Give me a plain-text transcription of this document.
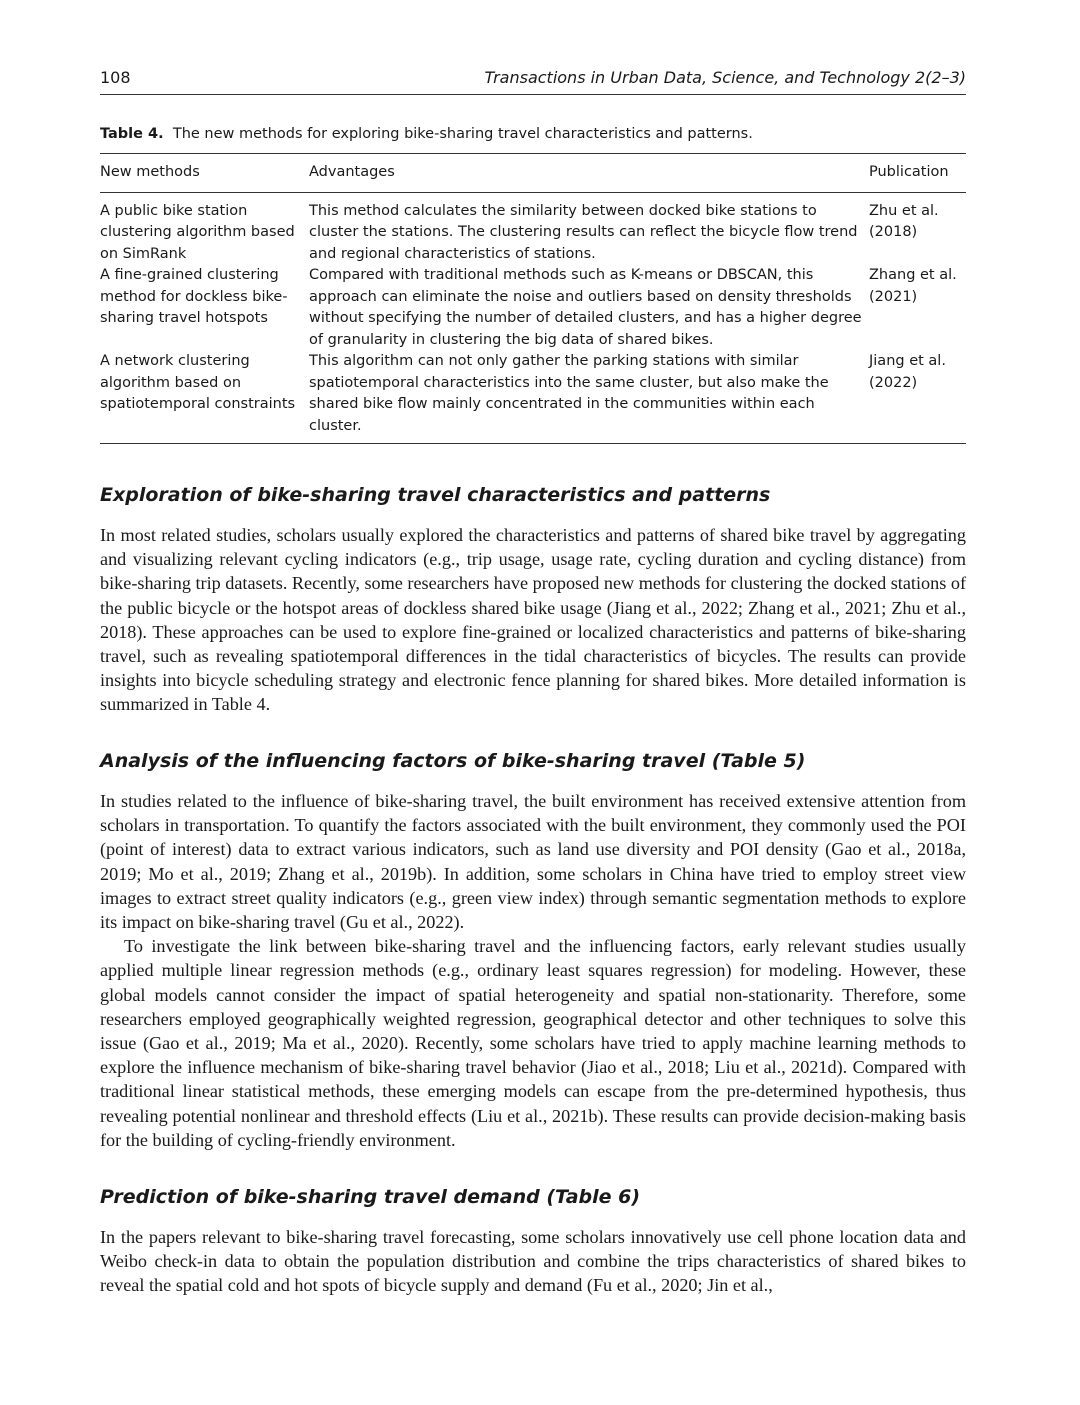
108	Transactions in Urban Data, Science, and Technology 2(2–3)
Table 4. The new methods for exploring bike-sharing travel characteristics and patterns.
New methods	Advantages	Publication
A public bike station clustering algorithm based on SimRank	This method calculates the similarity between docked bike stations to cluster the stations. The clustering results can reflect the bicycle flow trend and regional characteristics of stations.	Zhu et al. (2018)
A fine-grained clustering method for dockless bike-sharing travel hotspots	Compared with traditional methods such as K-means or DBSCAN, this approach can eliminate the noise and outliers based on density thresholds without specifying the number of detailed clusters, and has a higher degree of granularity in clustering the big data of shared bikes.	Zhang et al. (2021)
A network clustering algorithm based on spatiotemporal constraints	This algorithm can not only gather the parking stations with similar spatiotemporal characteristics into the same cluster, but also make the shared bike flow mainly concentrated in the communities within each cluster.	Jiang et al. (2022)
Exploration of bike-sharing travel characteristics and patterns

In most related studies, scholars usually explored the characteristics and patterns of shared bike travel by aggregating and visualizing relevant cycling indicators (e.g., trip usage, usage rate, cycling duration and cycling distance) from bike-sharing trip datasets. Recently, some researchers have proposed new methods for clustering the docked stations of the public bicycle or the hotspot areas of dockless shared bike usage (Jiang et al., 2022; Zhang et al., 2021; Zhu et al., 2018). These approaches can be used to explore fine-grained or localized characteristics and patterns of bike-sharing travel, such as revealing spatiotemporal differences in the tidal characteristics of bicycles. The results can provide insights into bicycle scheduling strategy and electronic fence planning for shared bikes. More detailed information is summarized in Table 4.

Analysis of the influencing factors of bike-sharing travel (Table 5)

In studies related to the influence of bike-sharing travel, the built environment has received extensive attention from scholars in transportation. To quantify the factors associated with the built environment, they commonly used the POI (point of interest) data to extract various indicators, such as land use diversity and POI density (Gao et al., 2018a, 2019; Mo et al., 2019; Zhang et al., 2019b). In addition, some scholars in China have tried to employ street view images to extract street quality indicators (e.g., green view index) through semantic segmentation methods to explore its impact on bike-sharing travel (Gu et al., 2022).

To investigate the link between bike-sharing travel and the influencing factors, early relevant studies usually applied multiple linear regression methods (e.g., ordinary least squares regression) for modeling. However, these global models cannot consider the impact of spatial heterogeneity and spatial non-stationarity. Therefore, some researchers employed geographically weighted regression, geographical detector and other techniques to solve this issue (Gao et al., 2019; Ma et al., 2020). Recently, some scholars have tried to apply machine learning methods to explore the influence mechanism of bike-sharing travel behavior (Jiao et al., 2018; Liu et al., 2021d). Compared with traditional linear statistical methods, these emerging models can escape from the pre-determined hypothesis, thus revealing potential nonlinear and threshold effects (Liu et al., 2021b). These results can provide decision-making basis for the building of cycling-friendly environment.

Prediction of bike-sharing travel demand (Table 6)

In the papers relevant to bike-sharing travel forecasting, some scholars innovatively use cell phone location data and Weibo check-in data to obtain the population distribution and combine the trips characteristics of shared bikes to reveal the spatial cold and hot spots of bicycle supply and demand (Fu et al., 2020; Jin et al.,
